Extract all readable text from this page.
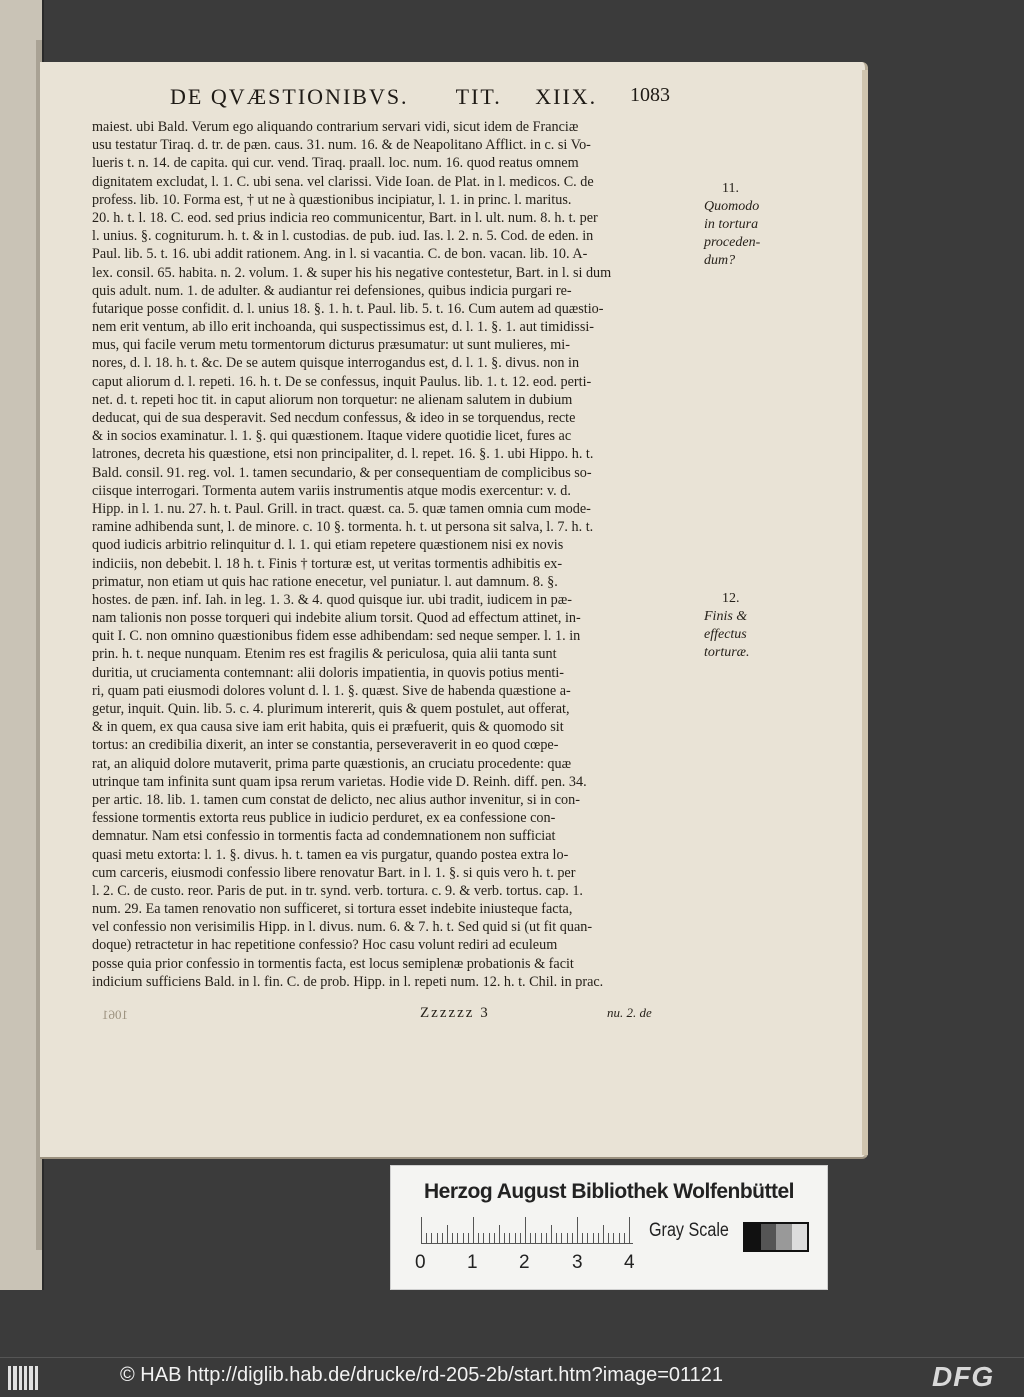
DE QVÆSTIONIBVS. TIT. XIIX.	1083
maiest. ubi Bald. Verum ego aliquando contrarium servari vidi, sicut idem de Franciæ
usu testatur Tiraq. d. tr. de pæn. caus. 31. num. 16. & de Neapolitano Afflict. in c. si Vo-
lueris t. n. 14. de capita. qui cur. vend. Tiraq. praall. loc. num. 16. quod reatus omnem
dignitatem excludat, l. 1. C. ubi sena. vel clarissi. Vide Ioan. de Plat. in l. medicos. C. de
profess. lib. 10. Forma est, † ut ne à quæstionibus incipiatur, l. 1. in princ. l. maritus.
20. h. t. l. 18. C. eod. sed prius indicia reo communicentur, Bart. in l. ult. num. 8. h. t. per
l. unius. §. cogniturum. h. t. & in l. custodias. de pub. iud. Ias. l. 2. n. 5. Cod. de eden. in
Paul. lib. 5. t. 16. ubi addit rationem. Ang. in l. si vacantia. C. de bon. vacan. lib. 10. A-
lex. consil. 65. habita. n. 2. volum. 1. & super his his negative contestetur, Bart. in l. si dum
quis adult. num. 1. de adulter. & audiantur rei defensiones, quibus indicia purgari re-
futarique posse confidit. d. l. unius 18. §. 1. h. t. Paul. lib. 5. t. 16. Cum autem ad quæstio-
nem erit ventum, ab illo erit inchoanda, qui suspectissimus est, d. l. 1. §. 1. aut timidissi-
mus, qui facile verum metu tormentorum dicturus præsumatur: ut sunt mulieres, mi-
nores, d. l. 18. h. t. &c. De se autem quisque interrogandus est, d. l. 1. §. divus. non in
caput aliorum d. l. repeti. 16. h. t. De se confessus, inquit Paulus. lib. 1. t. 12. eod. perti-
net. d. t. repeti hoc tit. in caput aliorum non torquetur: ne alienam salutem in dubium
deducat, qui de sua desperavit. Sed necdum confessus, & ideo in se torquendus, recte
& in socios examinatur. l. 1. §. qui quæstionem. Itaque videre quotidie licet, fures ac
latrones, decreta his quæstione, etsi non principaliter, d. l. repet. 16. §. 1. ubi Hippo. h. t.
Bald. consil. 91. reg. vol. 1. tamen secundario, & per consequentiam de complicibus so-
ciisque interrogari. Tormenta autem variis instrumentis atque modis exercentur: v. d.
Hipp. in l. 1. nu. 27. h. t. Paul. Grill. in tract. quæst. ca. 5. quæ tamen omnia cum mode-
ramine adhibenda sunt, l. de minore. c. 10 §. tormenta. h. t. ut persona sit salva, l. 7. h. t.
quod iudicis arbitrio relinquitur d. l. 1. qui etiam repetere quæstionem nisi ex novis
indiciis, non debebit. l. 18 h. t. Finis † torturæ est, ut veritas tormentis adhibitis ex-
primatur, non etiam ut quis hac ratione enecetur, vel puniatur. l. aut damnum. 8. §.
hostes. de pæn. inf. Iah. in leg. 1. 3. & 4. quod quisque iur. ubi tradit, iudicem in pæ-
nam talionis non posse torqueri qui indebite alium torsit. Quod ad effectum attinet, in-
quit I. C. non omnino quæstionibus fidem esse adhibendam: sed neque semper. l. 1. in
prin. h. t. neque nunquam. Etenim res est fragilis & periculosa, quia alii tanta sunt
duritia, ut cruciamenta contemnant: alii doloris impatientia, in quovis potius menti-
ri, quam pati eiusmodi dolores volunt d. l. 1. §. quæst. Sive de habenda quæstione a-
getur, inquit. Quin. lib. 5. c. 4. plurimum intererit, quis & quem postulet, aut offerat,
& in quem, ex qua causa sive iam erit habita, quis ei præfuerit, quis & quomodo sit
tortus: an credibilia dixerit, an inter se constantia, perseveraverit in eo quod cœpe-
rat, an aliquid dolore mutaverit, prima parte quæstionis, an cruciatu procedente: quæ
utrinque tam infinita sunt quam ipsa rerum varietas. Hodie vide D. Reinh. diff. pen. 34.
per artic. 18. lib. 1. tamen cum constat de delicto, nec alius author invenitur, si in con-
fessione tormentis extorta reus publice in iudicio perduret, ex ea confessione con-
demnatur. Nam etsi confessio in tormentis facta ad condemnationem non sufficiat
quasi metu extorta: l. 1. §. divus. h. t. tamen ea vis purgatur, quando postea extra lo-
cum carceris, eiusmodi confessio libere renovatur Bart. in l. 1. §. si quis vero h. t. per
l. 2. C. de custo. reor. Paris de put. in tr. synd. verb. tortura. c. 9. & verb. tortus. cap. 1.
num. 29. Ea tamen renovatio non sufficeret, si tortura esset indebite iniusteque facta,
vel confessio non verisimilis Hipp. in l. divus. num. 6. & 7. h. t. Sed quid si (ut fit quan-
doque) retractetur in hac repetitione confessio? Hoc casu volunt rediri ad eculeum
posse quia prior confessio in tormentis facta, est locus semiplenæ probationis & facit
indicium sufficiens Bald. in l. fin. C. de prob. Hipp. in l. repeti num. 12. h. t. Chil. in prac.
11.
Quomodo
in tortura
proceden-
dum?
12.
Finis &
effectus
torturæ.
1061	Zzzzzz 3	nu. 2. de
Herzog August Bibliothek Wolfenbüttel
0 1 2 3 4
Gray Scale
© HAB http://diglib.hab.de/drucke/rd-205-2b/start.htm?image=01121	DFG
